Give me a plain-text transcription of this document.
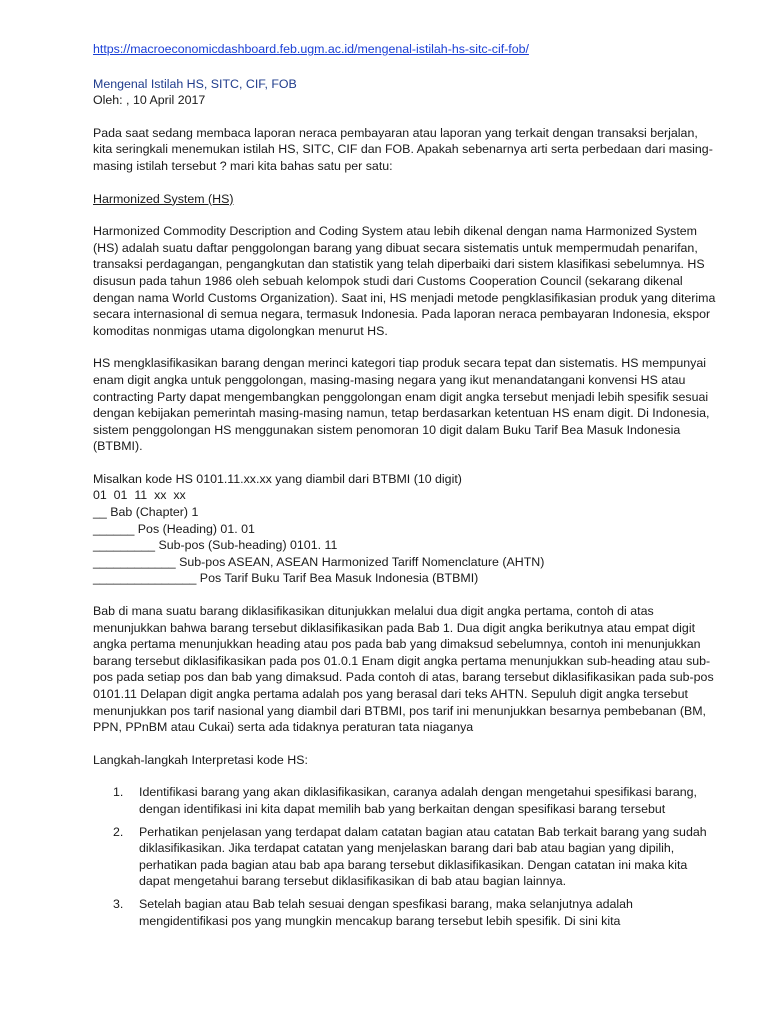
https://macroeconomicdashboard.feb.ugm.ac.id/mengenal-istilah-hs-sitc-cif-fob/
Mengenal Istilah HS, SITC, CIF, FOB
Oleh: , 10 April 2017

Pada saat sedang membaca laporan neraca pembayaran atau laporan yang terkait dengan transaksi berjalan, kita seringkali menemukan istilah HS, SITC, CIF dan FOB. Apakah sebenarnya arti serta perbedaan dari masing-masing istilah tersebut ? mari kita bahas satu per satu:

Harmonized System (HS)

Harmonized Commodity Description and Coding System atau lebih dikenal dengan nama Harmonized System (HS) adalah suatu daftar penggolongan barang yang dibuat secara sistematis untuk mempermudah penarifan, transaksi perdagangan, pengangkutan dan statistik yang telah diperbaiki dari sistem klasifikasi sebelumnya. HS disusun pada tahun 1986 oleh sebuah kelompok studi dari Customs Cooperation Council (sekarang dikenal dengan nama World Customs Organization). Saat ini, HS menjadi metode pengklasifikasian produk yang diterima secara internasional di semua negara, termasuk Indonesia. Pada laporan neraca pembayaran Indonesia, ekspor komoditas nonmigas utama digolongkan menurut HS.

HS mengklasifikasikan barang dengan merinci kategori tiap produk secara tepat dan sistematis. HS mempunyai enam digit angka untuk penggolongan, masing-masing negara yang ikut menandatangani konvensi HS atau contracting Party dapat mengembangkan penggolongan enam digit angka tersebut menjadi lebih spesifik sesuai dengan kebijakan pemerintah masing-masing namun, tetap berdasarkan ketentuan HS enam digit. Di Indonesia, sistem penggolongan HS menggunakan sistem penomoran 10 digit dalam Buku Tarif Bea Masuk Indonesia (BTBMI).

Misalkan kode HS 0101.11.xx.xx yang diambil dari BTBMI (10 digit)
01  01  11  xx  xx
__ Bab (Chapter) 1
______ Pos (Heading) 01. 01
_________ Sub-pos (Sub-heading) 0101. 11
____________ Sub-pos ASEAN, ASEAN Harmonized Tariff Nomenclature (AHTN)
_______________ Pos Tarif Buku Tarif Bea Masuk Indonesia (BTBMI)

Bab di mana suatu barang diklasifikasikan ditunjukkan melalui dua digit angka pertama, contoh di atas menunjukkan bahwa barang tersebut diklasifikasikan pada Bab 1. Dua digit angka berikutnya atau empat digit angka pertama menunjukkan heading atau pos pada bab yang dimaksud sebelumnya, contoh ini menunjukkan barang tersebut diklasifikasikan pada pos 01.0.1 Enam digit angka pertama menunjukkan sub-heading atau sub-pos pada setiap pos dan bab yang dimaksud. Pada contoh di atas, barang tersebut diklasifikasikan pada sub-pos 0101.11 Delapan digit angka pertama adalah pos yang berasal dari teks AHTN. Sepuluh digit angka tersebut menunjukkan pos tarif nasional yang diambil dari BTBMI, pos tarif ini menunjukkan besarnya pembebanan (BM, PPN, PPnBM atau Cukai) serta ada tidaknya peraturan tata niaganya

Langkah-langkah Interpretasi kode HS:
1. Identifikasi barang yang akan diklasifikasikan, caranya adalah dengan mengetahui spesifikasi barang, dengan identifikasi ini kita dapat memilih bab yang berkaitan dengan spesifikasi barang tersebut
2. Perhatikan penjelasan yang terdapat dalam catatan bagian atau catatan Bab terkait barang yang sudah diklasifikasikan. Jika terdapat catatan yang menjelaskan barang dari bab atau bagian yang dipilih, perhatikan pada bagian atau bab apa barang tersebut diklasifikasikan. Dengan catatan ini maka kita dapat mengetahui barang tersebut diklasifikasikan di bab atau bagian lainnya.
3. Setelah bagian atau Bab telah sesuai dengan spesfikasi barang, maka selanjutnya adalah mengidentifikasi pos yang mungkin mencakup barang tersebut lebih spesifik. Di sini kita
